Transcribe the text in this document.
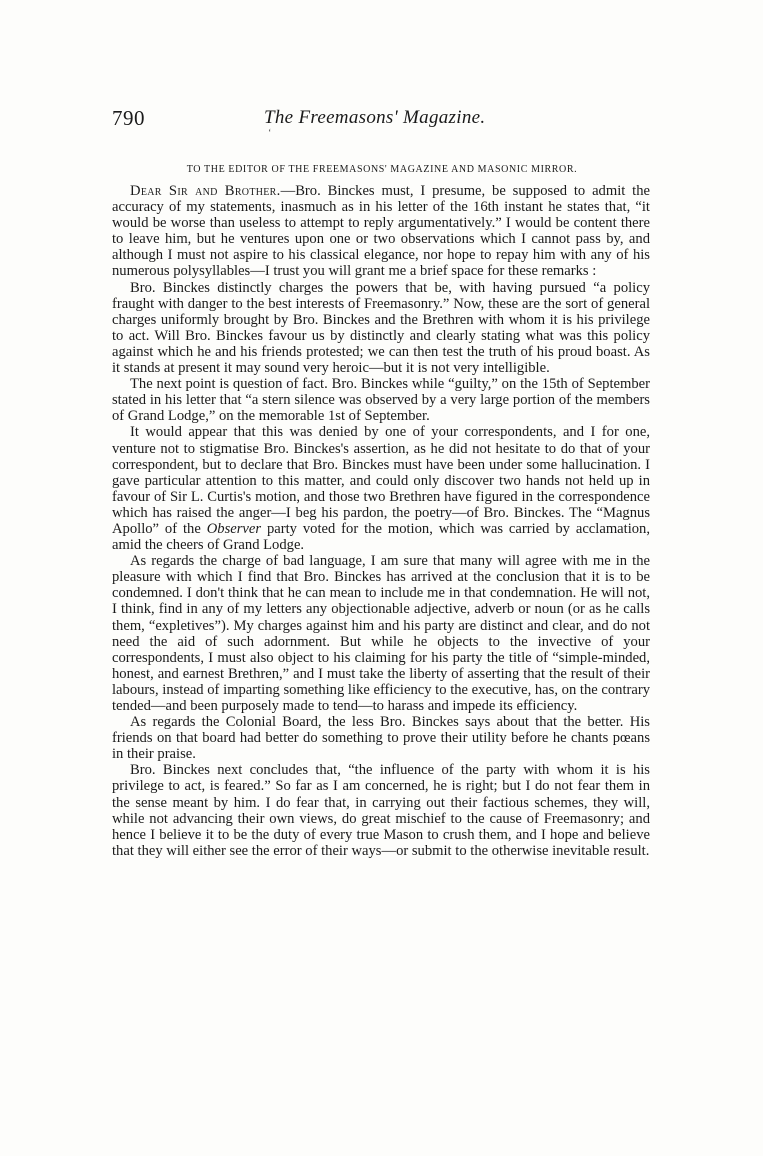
790	The Freemasons' Magazine.
‘
TO THE EDITOR OF THE FREEMASONS' MAGAZINE AND MASONIC MIRROR.

Dear Sir and Brother.—Bro. Binckes must, I presume, be supposed to admit the accuracy of my statements, inasmuch as in his letter of the 16th instant he states that, “it would be worse than useless to attempt to reply argumentatively.” I would be content there to leave him, but he ventures upon one or two observations which I cannot pass by, and although I must not aspire to his classical elegance, nor hope to repay him with any of his numerous polysyllables—I trust you will grant me a brief space for these remarks :

Bro. Binckes distinctly charges the powers that be, with having pursued “a policy fraught with danger to the best interests of Freemasonry.” Now, these are the sort of general charges uniformly brought by Bro. Binckes and the Brethren with whom it is his privilege to act. Will Bro. Binckes favour us by distinctly and clearly stating what was this policy against which he and his friends protested; we can then test the truth of his proud boast. As it stands at present it may sound very heroic—but it is not very intelligible.

The next point is question of fact. Bro. Binckes while “guilty,” on the 15th of September stated in his letter that “a stern silence was observed by a very large portion of the members of Grand Lodge,” on the memorable 1st of September.

It would appear that this was denied by one of your correspondents, and I for one, venture not to stigmatise Bro. Binckes's assertion, as he did not hesitate to do that of your correspondent, but to declare that Bro. Binckes must have been under some hallucination. I gave particular attention to this matter, and could only discover two hands not held up in favour of Sir L. Curtis's motion, and those two Brethren have figured in the correspondence which has raised the anger—I beg his pardon, the poetry—of Bro. Binckes. The “Magnus Apollo” of the Observer party voted for the motion, which was carried by acclamation, amid the cheers of Grand Lodge.

As regards the charge of bad language, I am sure that many will agree with me in the pleasure with which I find that Bro. Binckes has arrived at the conclusion that it is to be condemned. I don't think that he can mean to include me in that condemnation. He will not, I think, find in any of my letters any objectionable adjective, adverb or noun (or as he calls them, “expletives”). My charges against him and his party are distinct and clear, and do not need the aid of such adornment. But while he objects to the invective of your correspondents, I must also object to his claiming for his party the title of “simple-minded, honest, and earnest Brethren,” and I must take the liberty of asserting that the result of their labours, instead of imparting something like efficiency to the executive, has, on the contrary tended—and been purposely made to tend—to harass and impede its efficiency.

As regards the Colonial Board, the less Bro. Binckes says about that the better. His friends on that board had better do something to prove their utility before he chants pœans in their praise.

Bro. Binckes next concludes that, “the influence of the party with whom it is his privilege to act, is feared.” So far as I am concerned, he is right; but I do not fear them in the sense meant by him. I do fear that, in carrying out their factious schemes, they will, while not advancing their own views, do great mischief to the cause of Freemasonry; and hence I believe it to be the duty of every true Mason to crush them, and I hope and believe that they will either see the error of their ways—or submit to the otherwise inevitable result.
